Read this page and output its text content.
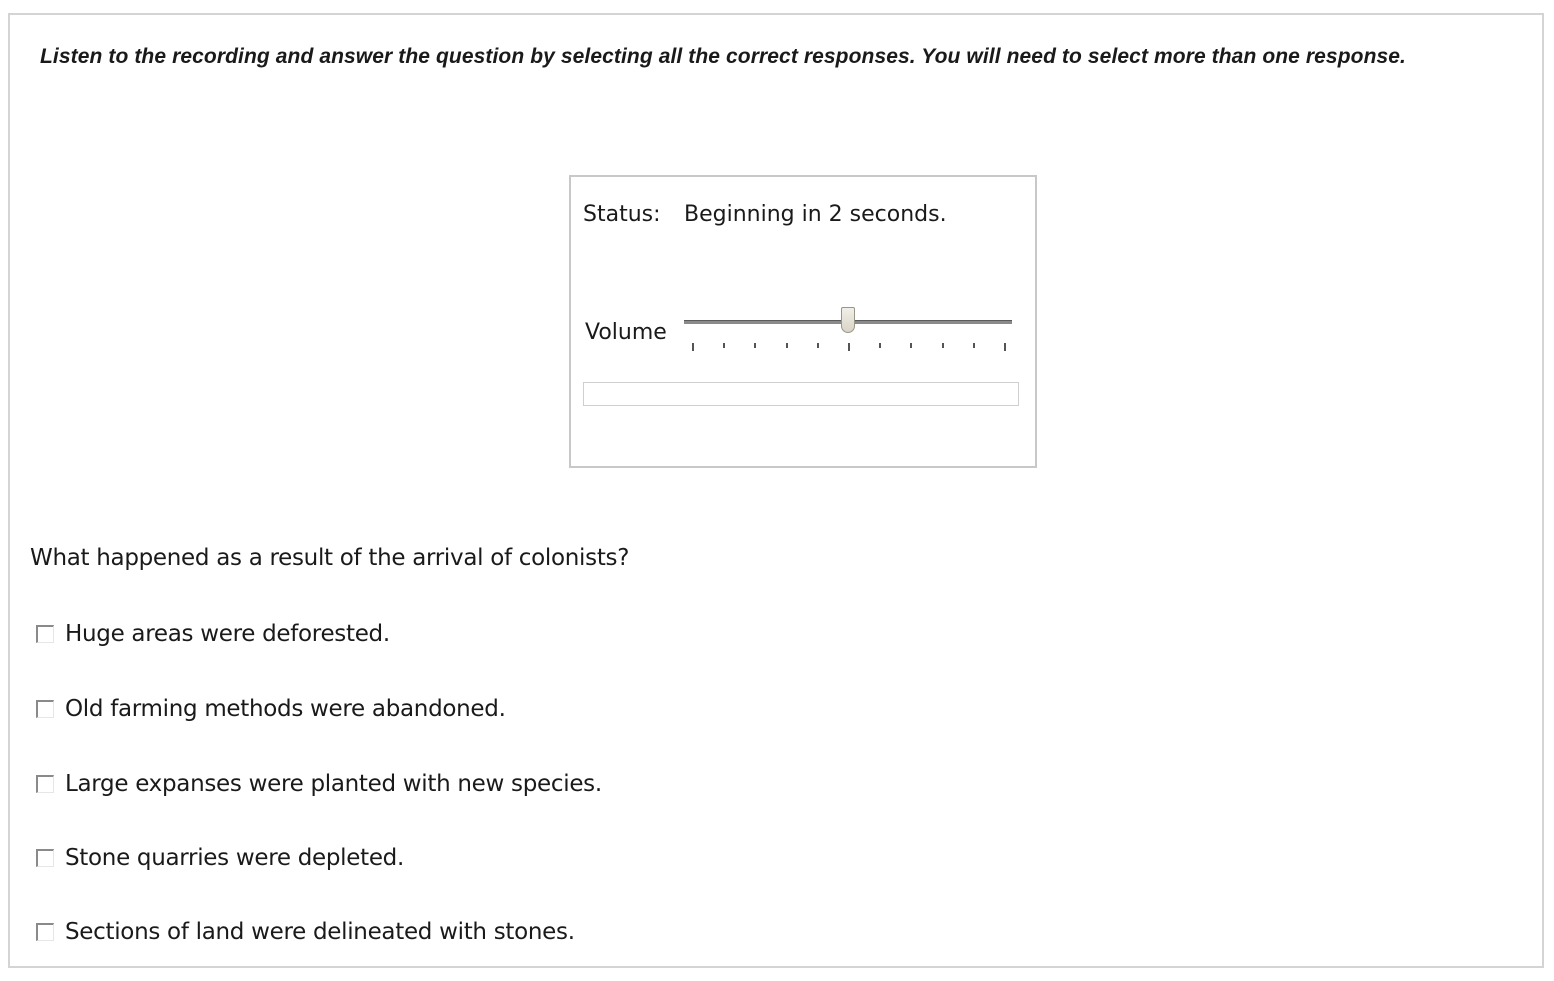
Listen to the recording and answer the question by selecting all the correct responses. You will need to select more than one response.
Status: Beginning in 2 seconds.
Volume
What happened as a result of the arrival of colonists?
Huge areas were deforested.
Old farming methods were abandoned.
Large expanses were planted with new species.
Stone quarries were depleted.
Sections of land were delineated with stones.
